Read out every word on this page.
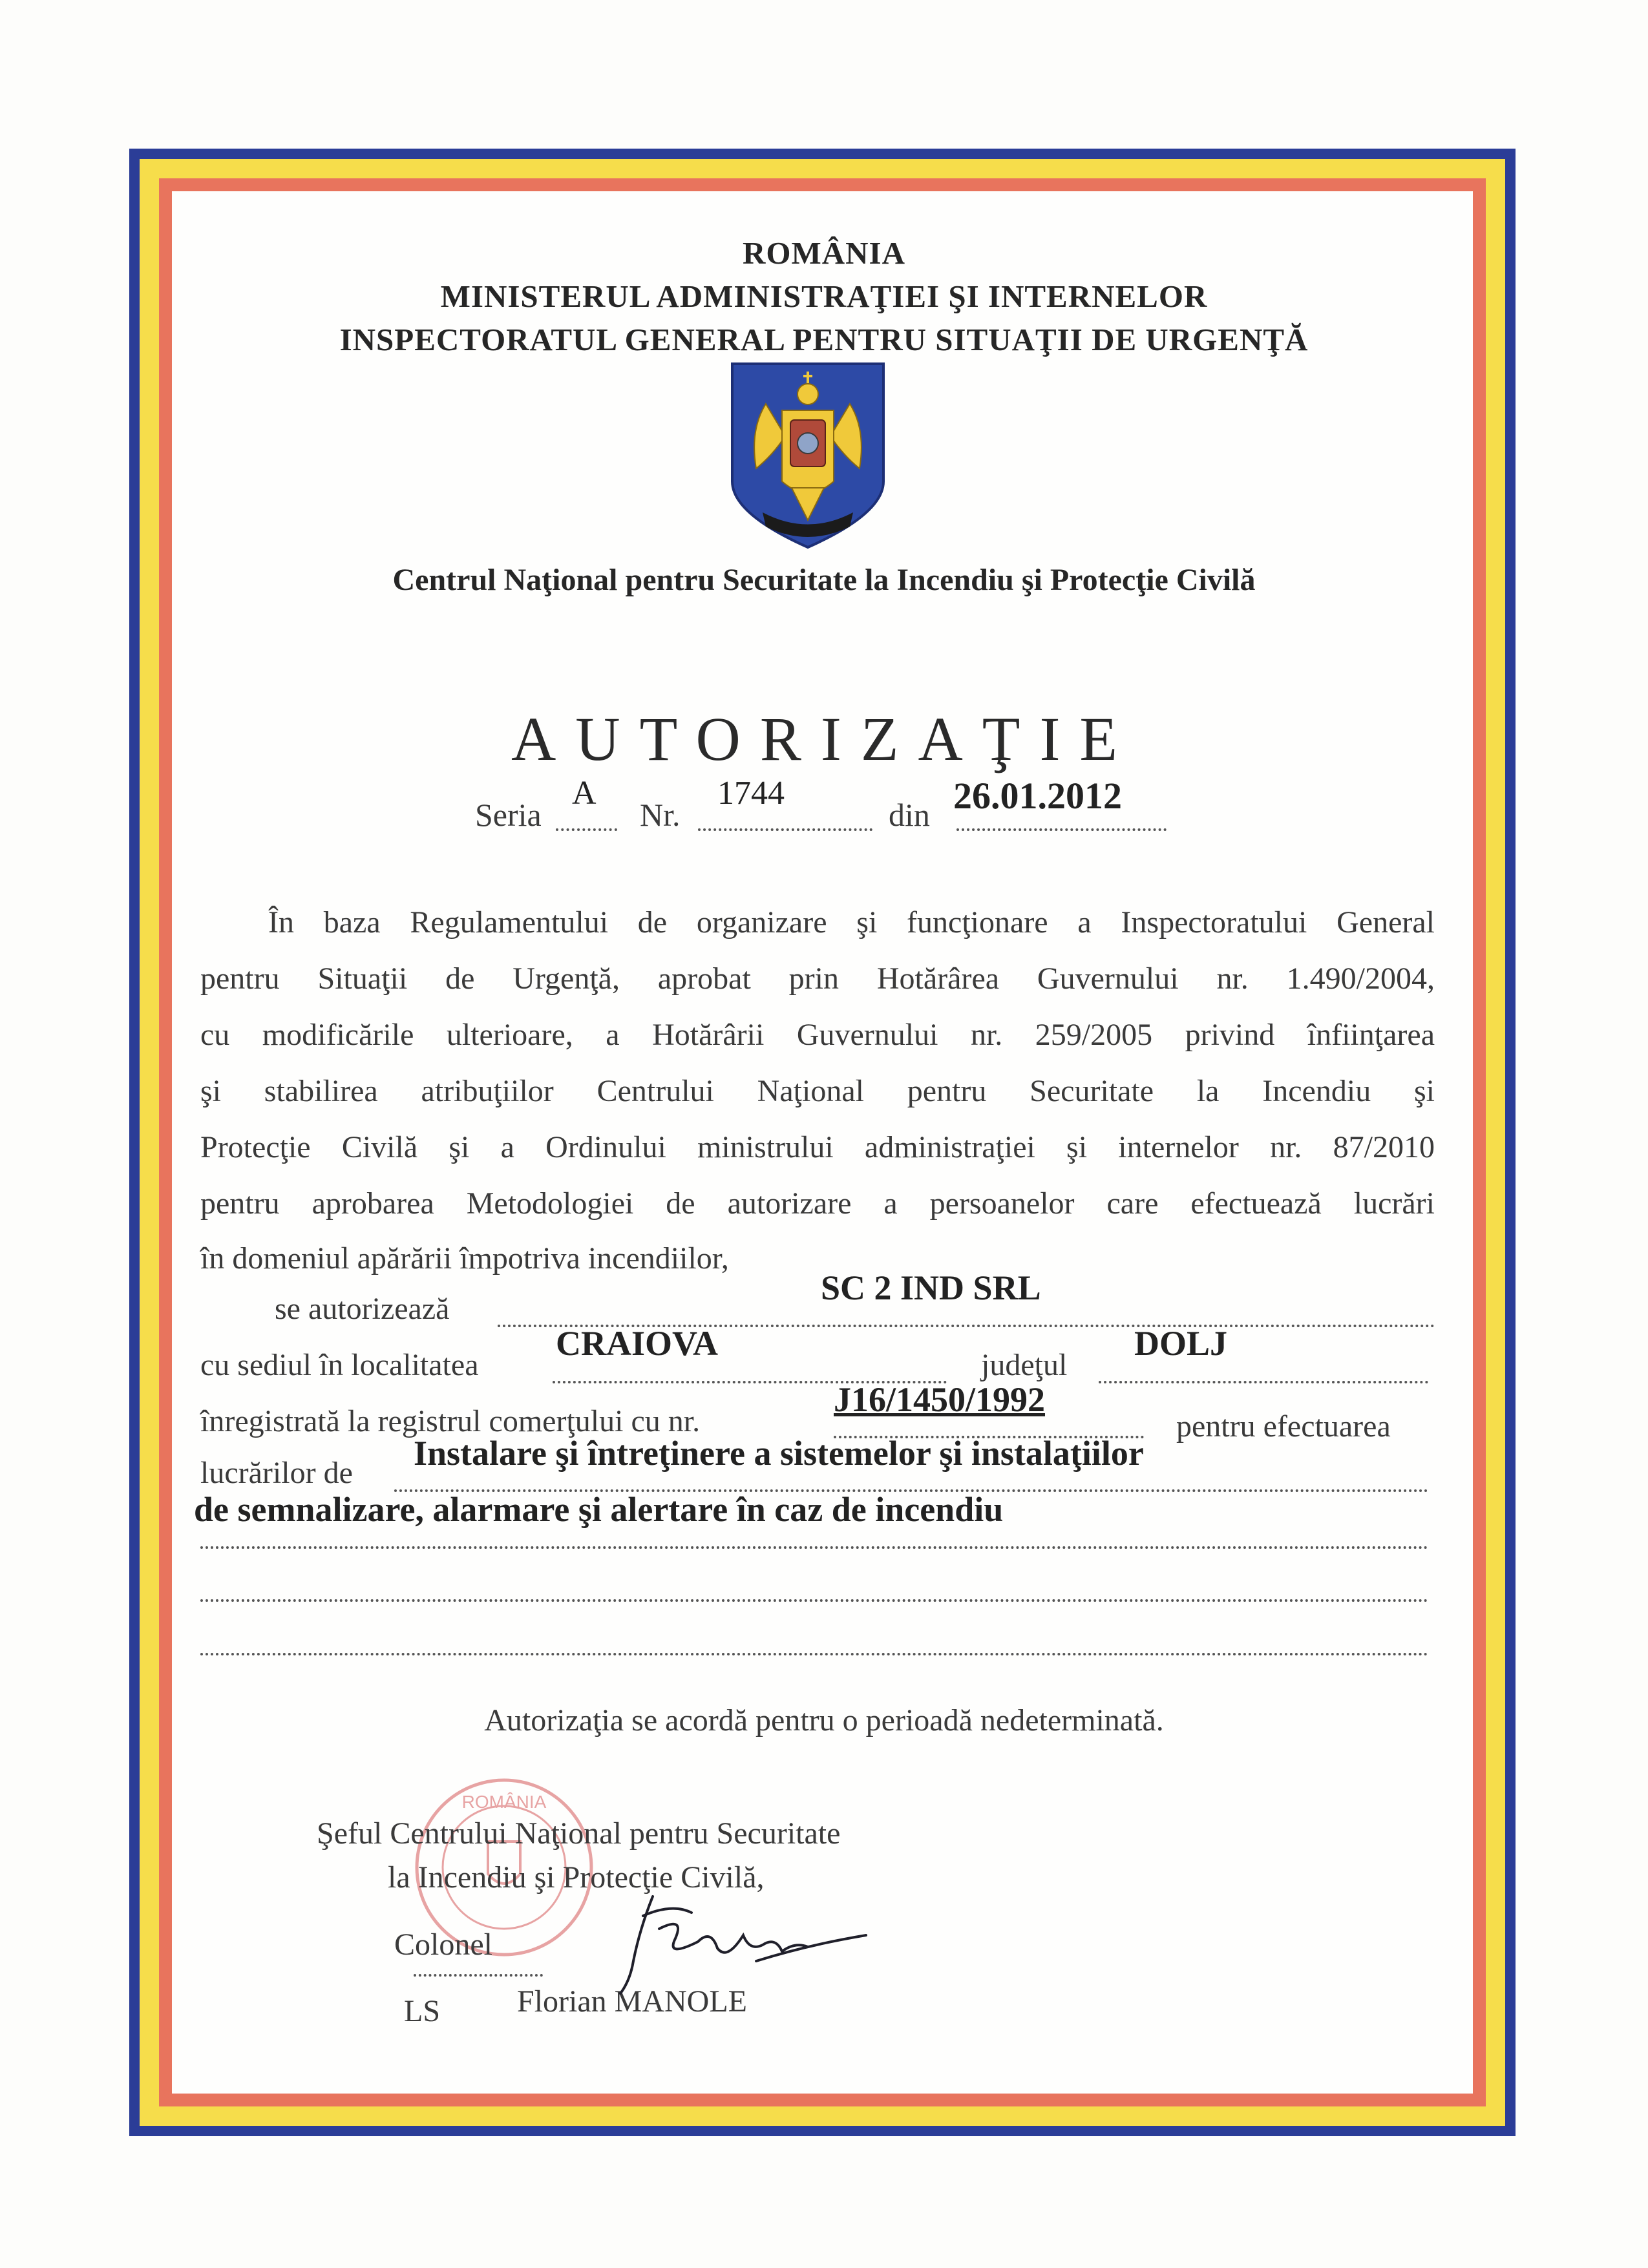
ROMÂNIA
MINISTERUL ADMINISTRAŢIEI ŞI INTERNELOR
INSPECTORATUL GENERAL PENTRU SITUAŢII DE URGENŢĂ
Centrul Naţional pentru Securitate la Incendiu şi Protecţie Civilă
AUTORIZAŢIE
Seria
A
Nr.
1744
din 26.01.2012
În baza Regulamentului de organizare şi funcţionare a Inspectoratului General
pentru Situaţii de Urgenţă, aprobat prin Hotărârea Guvernului nr. 1.490/2004,
cu modificările ulterioare, a Hotărârii Guvernului nr. 259/2005 privind înfiinţarea
şi stabilirea atribuţiilor Centrului Naţional pentru Securitate la Incendiu şi
Protecţie Civilă şi a Ordinului ministrului administraţiei şi internelor nr. 87/2010
pentru aprobarea Metodologiei de autorizare a persoanelor care efectuează lucrări
în domeniul apărării împotriva incendiilor,
se autorizează
SC 2 IND SRL
cu sediul în localitatea
CRAIOVA
judeţul
DOLJ
înregistrată la registrul comerţului cu nr.
J16/1450/1992
pentru efectuarea
lucrărilor de
Instalare şi întreţinere a sistemelor şi instalaţiilor
de semnalizare, alarmare şi alertare în caz de incendiu
Autorizaţia se acordă pentru o perioadă nedeterminată.
ROMÂNIA
Şeful Centrului Naţional pentru Securitate
la Incendiu şi Protecţie Civilă,
Colonel
LS Florian MANOLE
